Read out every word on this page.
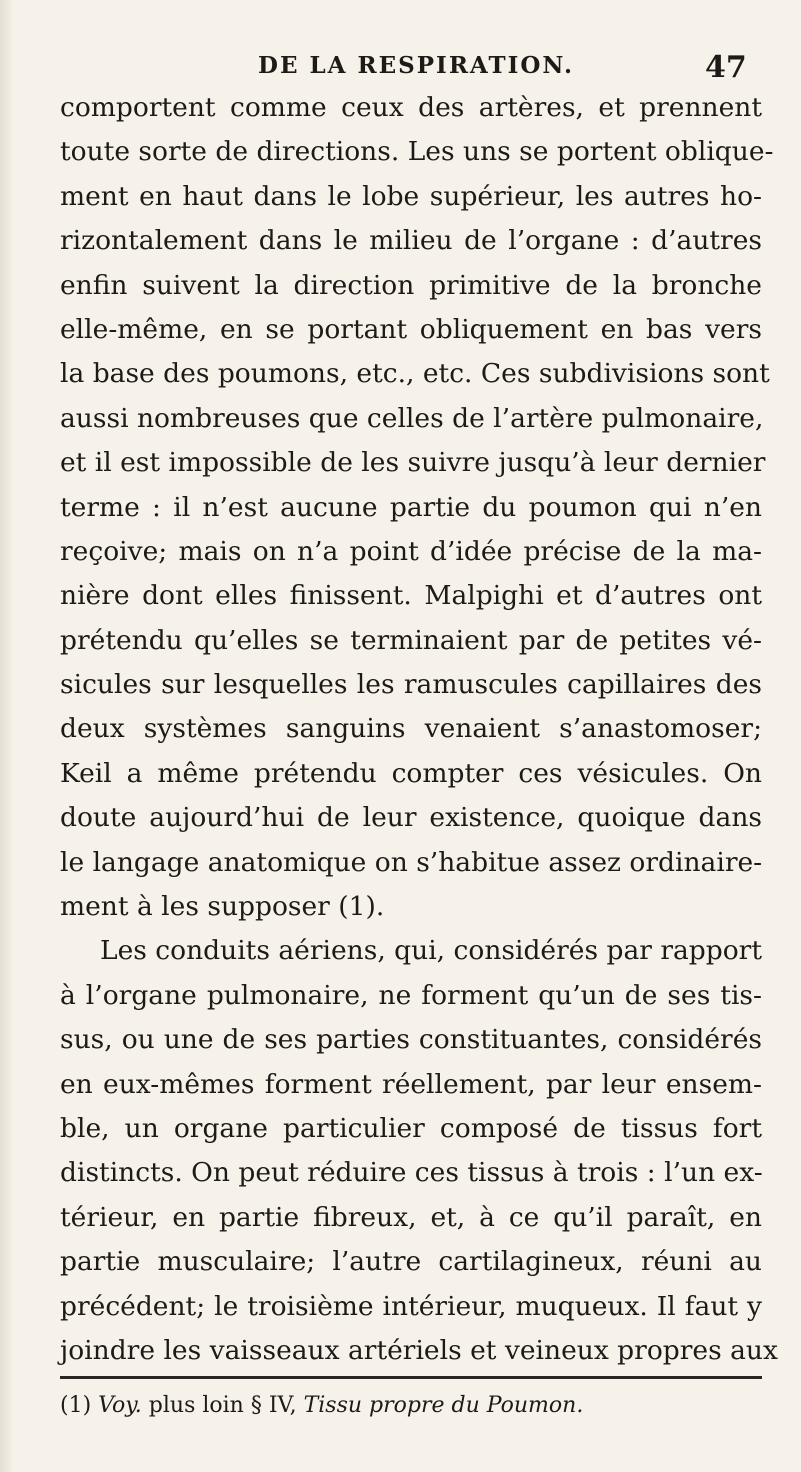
DE LA RESPIRATION.	47
comportent comme ceux des artères, et prennent
toute sorte de directions. Les uns se portent oblique-
ment en haut dans le lobe supérieur, les autres ho-
rizontalement dans le milieu de l’organe : d’autres
enfin suivent la direction primitive de la bronche
elle-même, en se portant obliquement en bas vers
la base des poumons, etc., etc. Ces subdivisions sont
aussi nombreuses que celles de l’artère pulmonaire,
et il est impossible de les suivre jusqu’à leur dernier
terme : il n’est aucune partie du poumon qui n’en
reçoive; mais on n’a point d’idée précise de la ma-
nière dont elles finissent. Malpighi et d’autres ont
prétendu qu’elles se terminaient par de petites vé-
sicules sur lesquelles les ramuscules capillaires des
deux systèmes sanguins venaient s’anastomoser;
Keil a même prétendu compter ces vésicules. On
doute aujourd’hui de leur existence, quoique dans
le langage anatomique on s’habitue assez ordinaire-
ment à les supposer (1).
Les conduits aériens, qui, considérés par rapport
à l’organe pulmonaire, ne forment qu’un de ses tis-
sus, ou une de ses parties constituantes, considérés
en eux-mêmes forment réellement, par leur ensem-
ble, un organe particulier composé de tissus fort
distincts. On peut réduire ces tissus à trois : l’un ex-
térieur, en partie fibreux, et, à ce qu’il paraît, en
partie musculaire; l’autre cartilagineux, réuni au
précédent; le troisième intérieur, muqueux. Il faut y
joindre les vaisseaux artériels et veineux propres aux
(1) Voy. plus loin § IV, Tissu propre du Poumon.
